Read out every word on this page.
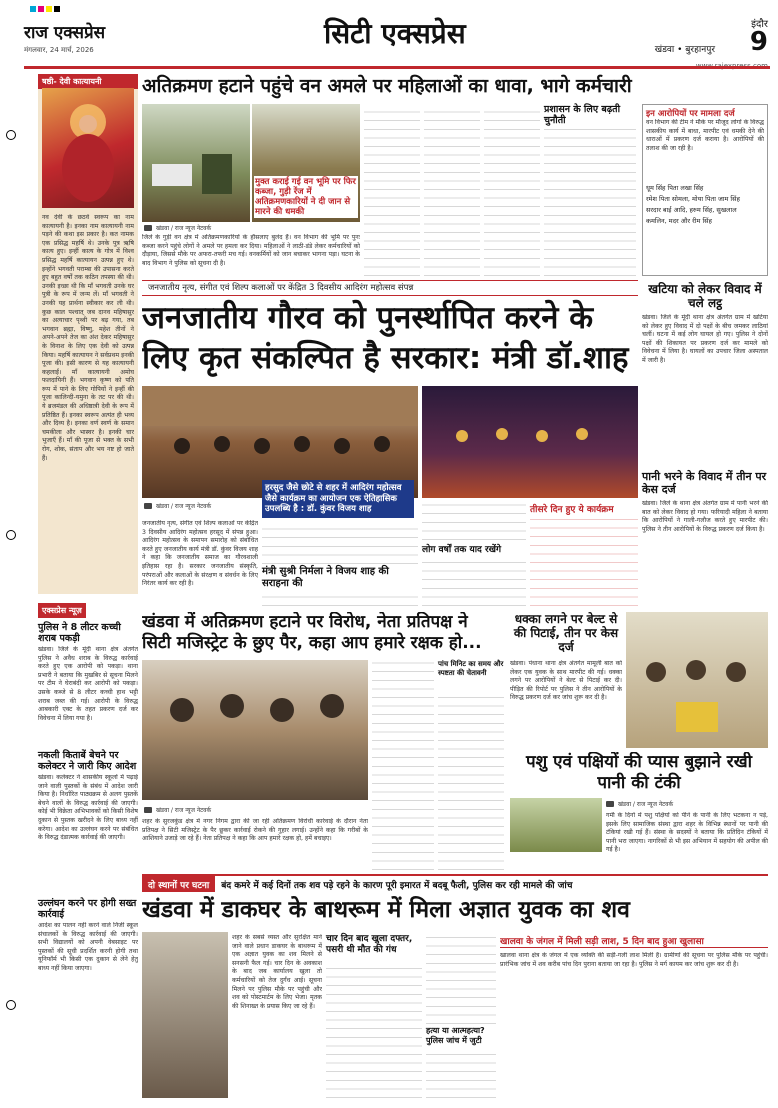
राज एक्सप्रेस
मंगलवार, 24 मार्च, 2026	सिटी एक्सप्रेस	खंडवा • बुरहानपुर
इंदौर
9
षष्ठी- देवी कात्यायनी
नव देवी के छठवें स्वरूप का नाम कात्यायनी है। इनका नाम कात्यायनी नाम पड़ने की कथा इस प्रकार है। कत नामक एक प्रसिद्ध महर्षि थे। उनके पुत्र ऋषि कात्य हुए। इन्हीं कात्य के गोत्र में विश्व प्रसिद्ध महर्षि कात्यायन उत्पन्न हुए थे। इन्होंने भगवती पराम्बा की उपासना करते हुए बहुत वर्षों तक कठिन तपस्या की थी। उनकी इच्छा थी कि माँ भगवती उनके घर पुत्री के रूप में जन्म लें। माँ भगवती ने उनकी यह प्रार्थना स्वीकार कर ली थी। कुछ काल पश्चात् जब दानव महिषासुर का अत्याचार पृथ्वी पर बढ़ गया, तब भगवान ब्रह्मा, विष्णु, महेश तीनों ने अपने-अपने तेज का अंश देकर महिषासुर के विनाश के लिए एक देवी को उत्पन्न किया। महर्षि कात्यायन ने सर्वप्रथम इनकी पूजा की। इसी कारण से यह कात्यायनी कहलाईं। माँ कात्यायनी अमोघ फलदायिनी हैं। भगवान कृष्ण को पति रूप में पाने के लिए गोपियों ने इन्हीं की पूजा कालिन्दी-यमुना के तट पर की थी। ये ब्रजमंडल की अधिष्ठात्री देवी के रूप में प्रतिष्ठित हैं। इनका स्वरूप अत्यंत ही भव्य और दिव्य है। इनका वर्ण स्वर्ण के समान चमकीला और भास्वर है। इनकी चार भुजाएँ हैं। माँ की पूजा से भक्त के सभी रोग, शोक, संताप और भय नष्ट हो जाते हैं।
एक्सप्रेस न्यूज़
पुलिस ने 8 लीटर कच्ची शराब पकड़ी
खंडवा। जिले के मूंदी थाना क्षेत्र अंतर्गत पुलिस ने अवैध शराब के विरुद्ध कार्रवाई करते हुए एक आरोपी को पकड़ा। थाना प्रभारी ने बताया कि मुखबिर से सूचना मिलने पर टीम ने घेराबंदी कर आरोपी को पकड़ा। उसके कब्जे से 8 लीटर कच्ची हाथ भट्टी शराब जब्त की गई। आरोपी के विरुद्ध आबकारी एक्ट के तहत प्रकरण दर्ज कर विवेचना में लिया गया है।
नकली किताबें बेचने पर कलेक्टर ने जारी किए आदेश
खंडवा। कलेक्टर ने शासकीय स्कूलों में पढ़ाई जाने वाली पुस्तकों के संबंध में आदेश जारी किया है। निर्धारित पाठ्यक्रम से अलग पुस्तकें बेचने वालों के विरुद्ध कार्रवाई की जाएगी। कोई भी विक्रेता अभिभावकों को किसी विशेष दुकान से पुस्तक खरीदने के लिए बाध्य नहीं करेगा। आदेश का उल्लंघन करने पर संबंधित के विरुद्ध दंडात्मक कार्रवाई की जाएगी।
उल्लंघन करने पर होगी सख्त कार्रवाई
आदेश का पालन नहीं करने वाले निजी स्कूल संचालकों के विरुद्ध कार्रवाई की जाएगी। सभी विद्यालयों को अपनी वेबसाइट पर पुस्तकों की सूची प्रदर्शित करनी होगी तथा यूनिफॉर्म भी किसी एक दुकान से लेने हेतु बाध्य नहीं किया जाएगा।
अतिक्रमण हटाने पहुंचे वन अमले पर महिलाओं का धावा, भागे कर्मचारी
मुक्त कराई गई वन भूमि पर फिर कब्जा, गुड़ी रेंज में अतिक्रमणकारियों ने दी जान से मारने की धमकी
खंडवा / राज न्यूज नेटवर्क
जिले के गुड़ी वन क्षेत्र में अतिक्रमणकारियों के हौसलाए बुलंद हैं। वन विभाग की भूमि पर पुनः कब्जा करने पहुंचे लोगों ने अमले पर हमला कर दिया। महिलाओं ने लाठी-डंडे लेकर कर्मचारियों को दौड़ाया, जिससे मौके पर अफरा-तफरी मच गई। वनकर्मियों को जान बचाकर भागना पड़ा। घटना के बाद विभाग ने पुलिस को सूचना दी है।
प्रशासन के लिए बढ़ती चुनौती
इन आरोपियों पर मामला दर्ज
वन विभाग की टीम ने मौके पर मौजूद लोगों के विरुद्ध शासकीय कार्य में बाधा, मारपीट एवं धमकी देने की धाराओं में प्रकरण दर्ज कराया है। आरोपियों की तलाश की जा रही है।
धूम सिंह पिता लखा सिंह
रमेश पिता सोमला, मोया पिता जाम सिंह
सरदार बाई आदि, हरुम सिंह, सुखलाल
कमलिन, मदर और रीम सिंह
जनजातीय नृत्य, संगीत एवं शिल्प कलाओं पर केंद्रित 3 दिवसीय आदिरंग महोत्सव संपन्न
जनजातीय गौरव को पुनर्स्थापित करने के लिए कृत संकल्पित है सरकार: मंत्री डॉ.शाह
हरसुद जैसे छोटे से शहर में आदिरंग महोत्सव जैसे कार्यक्रम का आयोजन एक ऐतिहासिक उपलब्धि है : डॉ. कुंवर विजय शाह
खंडवा / राज न्यूज नेटवर्क
जनजातीय नृत्य, संगीत एवं शिल्प कलाओं पर केंद्रित 3 दिवसीय आदिरंग महोत्सव हरसूद में संपन्न हुआ। आदिरंग महोत्सव के समापन समारोह को संबोधित करते हुए जनजातीय कार्य मंत्री डॉ. कुंवर विजय शाह ने कहा कि जनजातीय समाज का गौरवशाली इतिहास रहा है। सरकार जनजातीय संस्कृति, परंपराओं और कलाओं के संरक्षण व संवर्धन के लिए निरंतर कार्य कर रही है।
मंत्री सुश्री निर्मला ने विजय शाह की सराहना की
लोग वर्षों तक याद रखेंगे
तीसरे दिन हुए ये कार्यक्रम
खटिया को लेकर विवाद में चले लट्ठ
खंडवा। जिले के मूंदी थाना क्षेत्र अंतर्गत ग्राम में खटिया को लेकर हुए विवाद में दो पक्षों के बीच जमकर लाठियां चलीं। घटना में कई लोग घायल हो गए। पुलिस ने दोनों पक्षों की शिकायत पर प्रकरण दर्ज कर मामले को विवेचना में लिया है। घायलों का उपचार जिला अस्पताल में जारी है।
पानी भरने के विवाद में तीन पर केस दर्ज
खंडवा। जिले के थाना क्षेत्र अंतर्गत ग्राम में पानी भरने की बात को लेकर विवाद हो गया। फरियादी महिला ने बताया कि आरोपियों ने गाली-गलौज करते हुए मारपीट की। पुलिस ने तीन आरोपियों के विरुद्ध प्रकरण दर्ज किया है।
खंडवा में अतिक्रमण हटाने पर विरोध, नेता प्रतिपक्ष ने सिटी मजिस्ट्रेट के छुए पैर, कहा आप हमारे रक्षक हो...
खंडवा / राज न्यूज नेटवर्क
शहर के सुरजकुंड क्षेत्र में नगर निगम द्वारा की जा रही अतिक्रमण विरोधी कार्रवाई के दौरान नेता प्रतिपक्ष ने सिटी मजिस्ट्रेट के पैर छूकर कार्रवाई रोकने की गुहार लगाई। उन्होंने कहा कि गरीबों के आशियाने उजाड़े जा रहे हैं। नेता प्रतिपक्ष ने कहा कि आप हमारे रक्षक हो, हमें बचाइए।
पांच मिनिट का समय और स्पष्टता की चेतावनी
धक्का लगने पर बेल्ट से की पिटाई, तीन पर केस दर्ज
खंडवा। पंधाना थाना क्षेत्र अंतर्गत मामूली बात को लेकर एक युवक के साथ मारपीट की गई। धक्का लगने पर आरोपियों ने बेल्ट से पिटाई कर दी। पीड़ित की रिपोर्ट पर पुलिस ने तीन आरोपियों के विरुद्ध प्रकरण दर्ज कर जांच शुरू कर दी है।
पशु एवं पक्षियों की प्यास बुझाने रखी पानी की टंकी
खंडवा / राज न्यूज नेटवर्क
गर्मी के दिनों में पशु पक्षियों को पीने के पानी के लिए भटकना न पड़े, इसके लिए सामाजिक संस्था द्वारा शहर के विभिन्न स्थानों पर पानी की टंकियां रखी गई हैं। संस्था के सदस्यों ने बताया कि प्रतिदिन टंकियों में पानी भरा जाएगा। नागरिकों से भी इस अभियान में सहयोग की अपील की गई है।
दो स्थानों पर घटना	बंद कमरे में कई दिनों तक शव पड़े रहने के कारण पूरी इमारत में बदबू फैली, पुलिस कर रही मामले की जांच
खंडवा में डाकघर के बाथरूम में मिला अज्ञात युवक का शव
शहर के सबसे व्यस्त और सुरक्षित माने जाने वाले प्रधान डाकघर के बाथरूम में एक अज्ञात युवक का शव मिलने से सनसनी फैल गई। चार दिन के अवकाश के बाद जब कार्यालय खुला तो कर्मचारियों को तेज दुर्गंध आई। सूचना मिलने पर पुलिस मौके पर पहुंची और शव को पोस्टमार्टम के लिए भेजा। मृतक की शिनाख्त के प्रयास किए जा रहे हैं।
चार दिन बाद खुला दफ्तर, पसरी थी मौत की गंध
हत्या या आत्महत्या? पुलिस जांच में जुटी
खालवा के जंगल में मिली सड़ी लाश, 5 दिन बाद हुआ खुलासा
खालवा थाना क्षेत्र के जंगल में एक व्यक्ति की सड़ी-गली लाश मिली है। ग्रामीणों की सूचना पर पुलिस मौके पर पहुंची। प्रारंभिक जांच में शव करीब पांच दिन पुराना बताया जा रहा है। पुलिस ने मर्ग कायम कर जांच शुरू कर दी है।
